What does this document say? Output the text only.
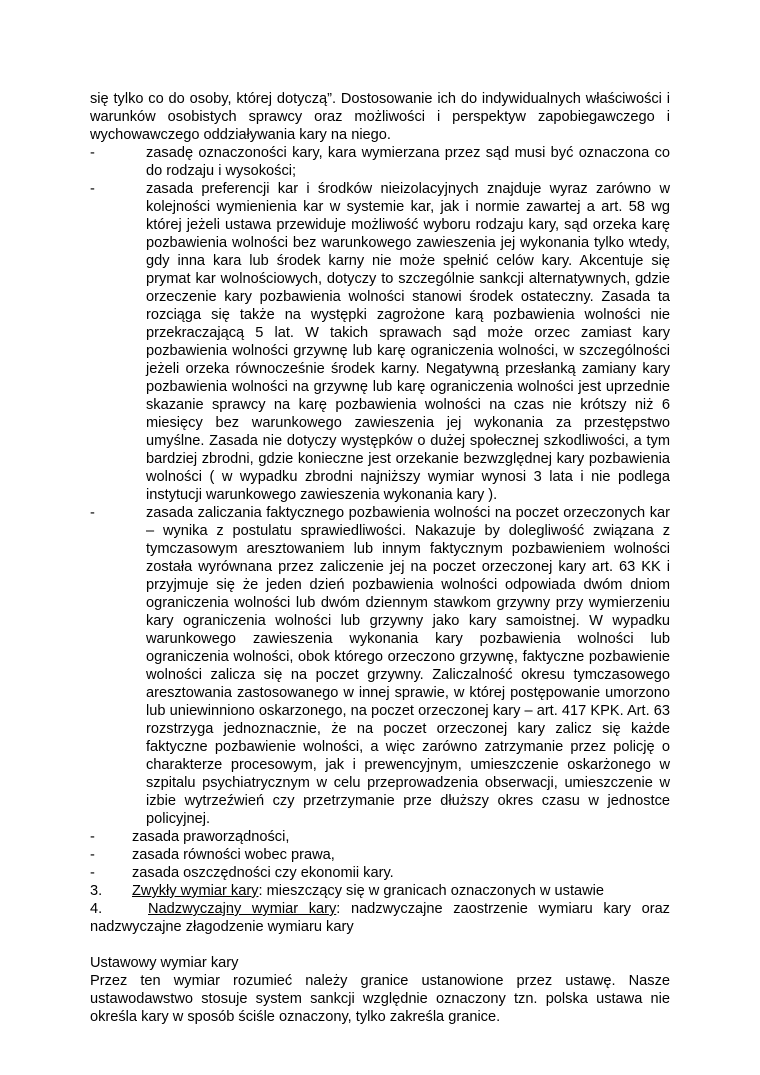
się tylko co do osoby, której dotyczą”. Dostosowanie ich do indywidualnych właściwości i warunków osobistych sprawcy oraz możliwości i perspektyw zapobiegawczego i wychowawczego oddziaływania kary na niego.

-	zasadę oznaczoności kary, kara wymierzana przez sąd musi być oznaczona co do rodzaju i wysokości;
-	zasada preferencji kar i środków nieizolacyjnych znajduje wyraz zarówno w kolejności wymienienia kar w systemie kar, jak i normie zawartej a art. 58 wg której jeżeli ustawa przewiduje możliwość wyboru rodzaju kary, sąd orzeka karę pozbawienia wolności bez warunkowego zawieszenia jej wykonania tylko wtedy, gdy inna kara lub środek karny nie może spełnić celów kary. Akcentuje się prymat kar wolnościowych, dotyczy to szczególnie sankcji alternatywnych, gdzie orzeczenie kary pozbawienia wolności stanowi środek ostateczny. Zasada ta rozciąga się także na występki zagrożone karą pozbawienia wolności nie przekraczającą 5 lat. W takich sprawach sąd może orzec zamiast kary pozbawienia wolności grzywnę lub karę ograniczenia wolności, w szczególności jeżeli orzeka równocześnie środek karny. Negatywną przesłanką zamiany kary pozbawienia wolności na grzywnę lub karę ograniczenia wolności jest uprzednie skazanie sprawcy na karę pozbawienia wolności na czas nie krótszy niż 6 miesięcy bez warunkowego zawieszenia jej wykonania za przestępstwo umyślne. Zasada nie dotyczy występków o dużej społecznej szkodliwości, a tym bardziej zbrodni, gdzie konieczne jest orzekanie bezwzględnej kary pozbawienia wolności ( w wypadku zbrodni najniższy wymiar wynosi 3 lata i nie podlega instytucji warunkowego zawieszenia wykonania kary ).
-	zasada zaliczania faktycznego pozbawienia wolności na poczet orzeczonych kar – wynika z postulatu sprawiedliwości. Nakazuje by dolegliwość związana z tymczasowym aresztowaniem lub innym faktycznym pozbawieniem wolności została wyrównana przez zaliczenie jej na poczet orzeczonej kary art. 63 KK i przyjmuje się że jeden dzień pozbawienia wolności odpowiada dwóm dniom ograniczenia wolności lub dwóm dziennym stawkom grzywny przy wymierzeniu kary ograniczenia wolności lub grzywny jako kary samoistnej. W wypadku warunkowego zawieszenia wykonania kary pozbawienia wolności lub ograniczenia wolności, obok którego orzeczono grzywnę, faktyczne pozbawienie wolności zalicza się na poczet grzywny. Zaliczalność okresu tymczasowego aresztowania zastosowanego w innej sprawie, w której postępowanie umorzono lub uniewinniono oskarzonego, na poczet orzeczonej kary – art. 417 KPK. Art. 63 rozstrzyga jednoznacznie, że na poczet orzeczonej kary zalicz się każde faktyczne pozbawienie wolności, a więc zarówno zatrzymanie przez policję o charakterze procesowym, jak i prewencyjnym, umieszczenie oskarżonego w szpitalu psychiatrycznym w celu przeprowadzenia obserwacji, umieszczenie w izbie wytrzeźwień czy przetrzymanie prze dłuższy okres czasu w jednostce policyjnej.
-	zasada praworządności,
-	zasada równości wobec prawa,
-	zasada oszczędności czy ekonomii kary.
3.	Zwykły wymiar kary: mieszczący się w granicach oznaczonych w ustawie

4.	Nadzwyczajny wymiar kary: nadzwyczajne zaostrzenie wymiaru kary oraz nadzwyczajne złagodzenie wymiaru kary

Ustawowy wymiar kary

Przez ten wymiar rozumieć należy granice ustanowione przez ustawę. Nasze ustawodawstwo stosuje system sankcji względnie oznaczony tzn. polska ustawa nie określa kary w sposób ściśle oznaczony, tylko zakreśla granice.
